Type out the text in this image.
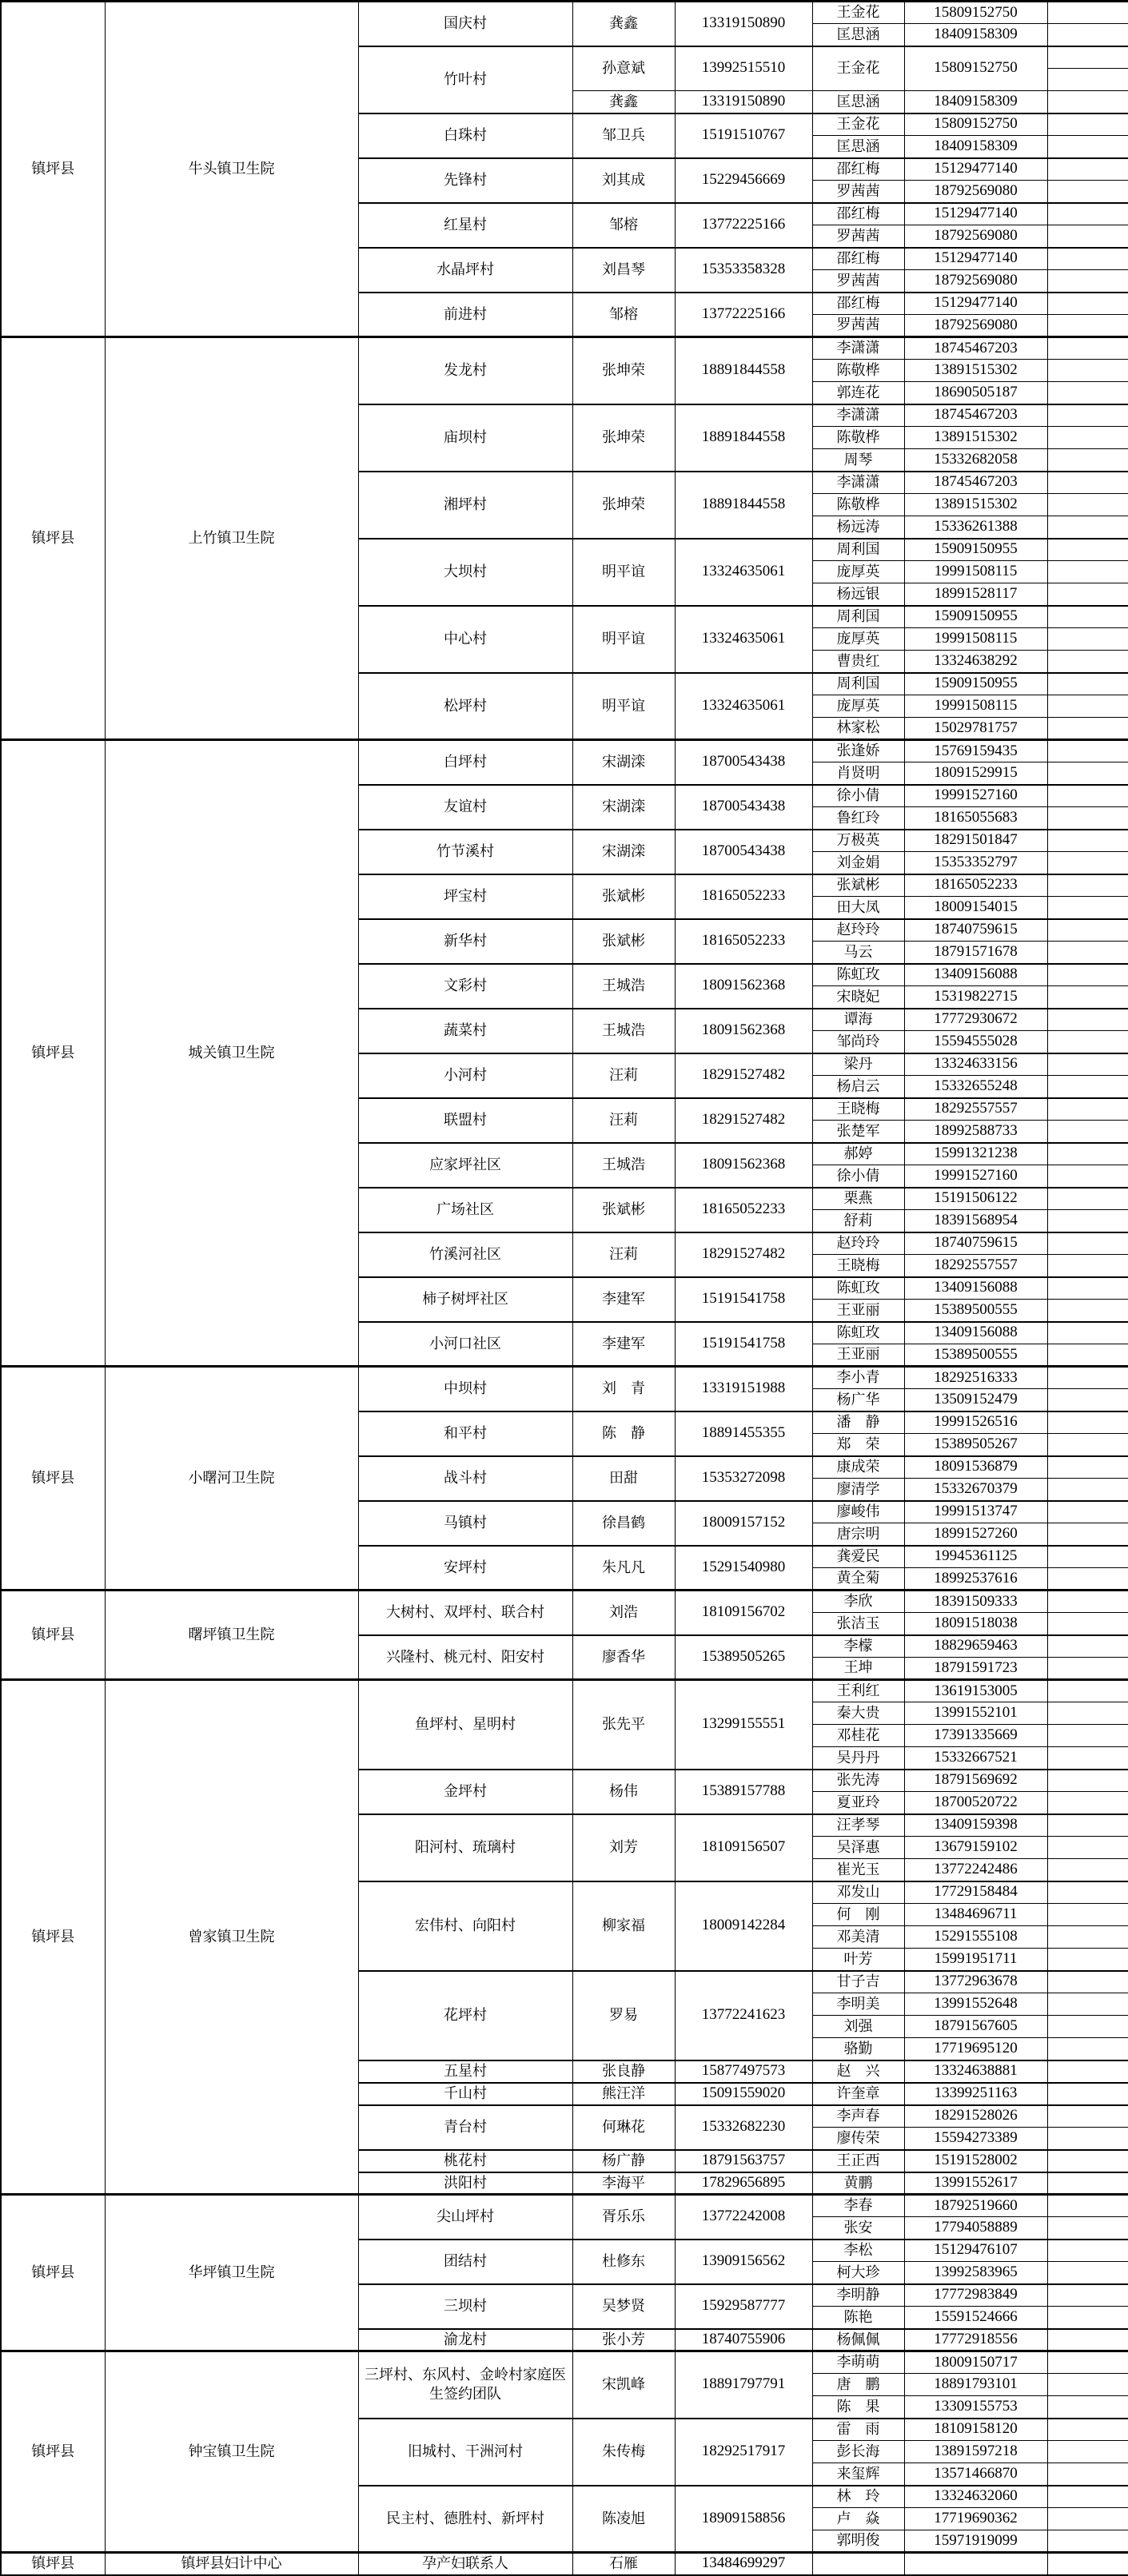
镇坪县	牛头镇卫生院	国庆村	龚鑫	13319150890	王金花	15809152750	
					匡思涵	18409158309	
		竹叶村	孙意斌	13992515510	王金花	15809152750	

			龚鑫	13319150890	匡思涵	18409158309	
		白珠村	邹卫兵	15191510767	王金花	15809152750	
					匡思涵	18409158309	
		先锋村	刘其成	15229456669	邵红梅	15129477140	
					罗茜茜	18792569080	
		红星村	邹榕	13772225166	邵红梅	15129477140	
					罗茜茜	18792569080	
		水晶坪村	刘昌琴	15353358328	邵红梅	15129477140	
					罗茜茜	18792569080	
		前进村	邹榕	13772225166	邵红梅	15129477140	
					罗茜茜	18792569080	
镇坪县	上竹镇卫生院	发龙村	张坤荣	18891844558	李潇潇	18745467203	
					陈敬桦	13891515302	
					郭连花	18690505187	
		庙坝村	张坤荣	18891844558	李潇潇	18745467203	
					陈敬桦	13891515302	
					周琴	15332682058	
		湘坪村	张坤荣	18891844558	李潇潇	18745467203	
					陈敬桦	13891515302	
					杨远涛	15336261388	
		大坝村	明平谊	13324635061	周利国	15909150955	
					庞厚英	19991508115	
					杨远银	18991528117	
		中心村	明平谊	13324635061	周利国	15909150955	
					庞厚英	19991508115	
					曹贵红	13324638292	
		松坪村	明平谊	13324635061	周利国	15909150955	
					庞厚英	19991508115	
					林家松	15029781757	
镇坪县	城关镇卫生院	白坪村	宋湖滦	18700543438	张逢娇	15769159435	
					肖贤明	18091529915	
		友谊村	宋湖滦	18700543438	徐小倩	19991527160	
					鲁红玲	18165055683	
		竹节溪村	宋湖滦	18700543438	万极英	18291501847	
					刘金娟	15353352797	
		坪宝村	张斌彬	18165052233	张斌彬	18165052233	
					田大凤	18009154015	
		新华村	张斌彬	18165052233	赵玲玲	18740759615	
					马云	18791571678	
		文彩村	王城浩	18091562368	陈虹玫	13409156088	
					宋晓妃	15319822715	
		蔬菜村	王城浩	18091562368	谭海	17772930672	
					邹尚玲	15594555028	
		小河村	汪莉	18291527482	梁丹	13324633156	
					杨启云	15332655248	
		联盟村	汪莉	18291527482	王晓梅	18292557557	
					张楚军	18992588733	
		应家坪社区	王城浩	18091562368	郝婷	15991321238	
					徐小倩	19991527160	
		广场社区	张斌彬	18165052233	栗燕	15191506122	
					舒莉	18391568954	
		竹溪河社区	汪莉	18291527482	赵玲玲	18740759615	
					王晓梅	18292557557	
		柿子树坪社区	李建军	15191541758	陈虹玫	13409156088	
					王亚丽	15389500555	
		小河口社区	李建军	15191541758	陈虹玫	13409156088	
					王亚丽	15389500555	
镇坪县	小曙河卫生院	中坝村	刘　青	13319151988	李小青	18292516333	
					杨广华	13509152479	
		和平村	陈　静	18891455355	潘　静	19991526516	
					郑　荣	15389505267	
		战斗村	田甜	15353272098	康成荣	18091536879	
					廖清学	15332670379	
		马镇村	徐昌鹤	18009157152	廖峻伟	19991513747	
					唐宗明	18991527260	
		安坪村	朱凡凡	15291540980	龚爱民	19945361125	
					黄全菊	18992537616	
镇坪县	曙坪镇卫生院	大树村、双坪村、联合村	刘浩	18109156702	李欣	18391509333	
					张洁玉	18091518038	
		兴隆村、桃元村、阳安村	廖香华	15389505265	李檬	18829659463	
					王坤	18791591723	
镇坪县	曾家镇卫生院	鱼坪村、星明村	张先平	13299155551	王利红	13619153005	
					秦大贵	13991552101	
					邓桂花	17391335669	
					吴丹丹	15332667521	
		金坪村	杨伟	15389157788	张先涛	18791569692	
					夏亚玲	18700520722	
		阳河村、琉璃村	刘芳	18109156507	汪孝琴	13409159398	
					吴泽惠	13679159102	
					崔光玉	13772242486	
		宏伟村、向阳村	柳家福	18009142284	邓发山	17729158484	
					何　刚	13484696711	
					邓美清	15291555108	
					叶芳	15991951711	
		花坪村	罗易	13772241623	甘子吉	13772963678	
					李明美	13991552648	
					刘强	18791567605	
					骆勤	17719695120	
		五星村	张良静	15877497573	赵　兴	13324638881	
		千山村	熊汪洋	15091559020	许奎章	13399251163	
		青台村	何琳花	15332682230	李声春	18291528026	
					廖传荣	15594273389	
		桃花村	杨广静	18791563757	王正西	15191528002	
		洪阳村	李海平	17829656895	黄鹏	13991552617	
镇坪县	华坪镇卫生院	尖山坪村	胥乐乐	13772242008	李春	18792519660	
					张安	17794058889	
		团结村	杜修东	13909156562	李松	15129476107	
					柯大珍	13992583965	
		三坝村	吴梦贤	15929587777	李明静	17772983849	
					陈艳	15591524666	
		渝龙村	张小芳	18740755906	杨佩佩	17772918556	
镇坪县	钟宝镇卫生院	三坪村、东风村、金岭村家庭医生签约团队	宋凯峰	18891797791	李萌萌	18009150717	
					唐　鹏	18891793101	
					陈　果	13309155753	
		旧城村、干洲河村	朱传梅	18292517917	雷　雨	18109158120	
					彭长海	13891597218	
					来玺辉	13571466870	
		民主村、德胜村、新坪村	陈凌旭	18909158856	林　玲	13324632060	
					卢　焱	17719690362	
					郭明俊	15971919099	
镇坪县	镇坪县妇计中心	孕产妇联系人	石雁	13484699297			
